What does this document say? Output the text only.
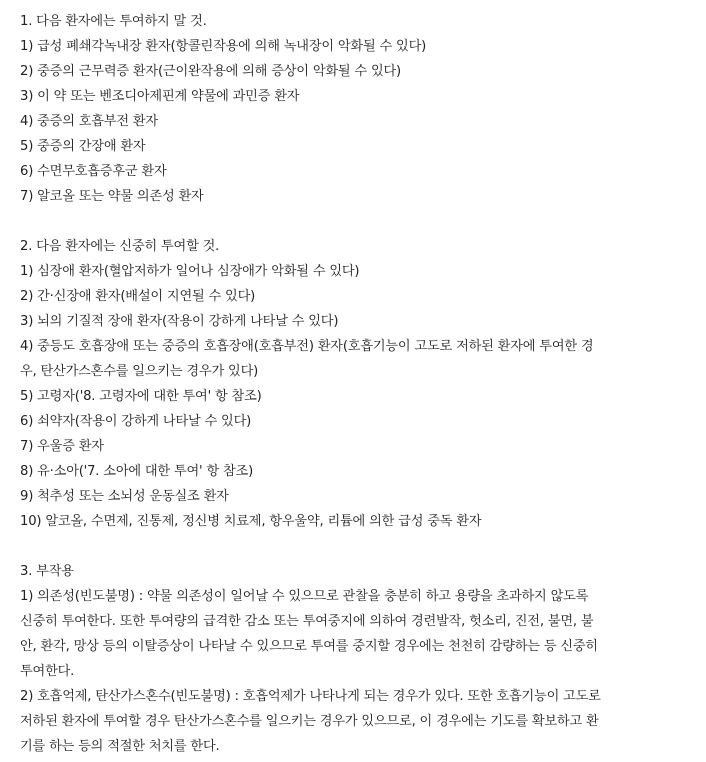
1. 다음 환자에는 투여하지 말 것.
1) 급성 폐쇄각녹내장 환자(항콜린작용에 의해 녹내장이 악화될 수 있다)
2) 중증의 근무력증 환자(근이완작용에 의해 증상이 악화될 수 있다)
3) 이 약 또는 벤조디아제핀계 약물에 과민증 환자
4) 중증의 호흡부전 환자
5) 중증의 간장애 환자
6) 수면무호흡증후군 환자
7) 알코올 또는 약물 의존성 환자
2. 다음 환자에는 신중히 투여할 것.
1) 심장애 환자(혈압저하가 일어나 심장애가 악화될 수 있다)
2) 간·신장애 환자(배설이 지연될 수 있다)
3) 뇌의 기질적 장애 환자(작용이 강하게 나타날 수 있다)
4) 중등도 호흡장애 또는 중증의 호흡장애(호흡부전) 환자(호흡기능이 고도로 저하된 환자에 투여한 경
우, 탄산가스혼수를 일으키는 경우가 있다)
5) 고령자('8. 고령자에 대한 투여' 항 참조)
6) 쇠약자(작용이 강하게 나타날 수 있다)
7) 우울증 환자
8) 유·소아('7. 소아에 대한 투여' 항 참조)
9) 척추성 또는 소뇌성 운동실조 환자
10) 알코올, 수면제, 진통제, 정신병 치료제, 항우울약, 리튬에 의한 급성 중독 환자
3. 부작용
1) 의존성(빈도불명) : 약물 의존성이 일어날 수 있으므로 관찰을 충분히 하고 용량을 초과하지 않도록
신중히 투여한다. 또한 투여량의 급격한 감소 또는 투여중지에 의하여 경련발작, 헛소리, 진전, 불면, 불
안, 환각, 망상 등의 이탈증상이 나타날 수 있으므로 투여를 중지할 경우에는 천천히 감량하는 등 신중히
투여한다.
2) 호흡억제, 탄산가스혼수(빈도불명) : 호흡억제가 나타나게 되는 경우가 있다. 또한 호흡기능이 고도로
저하된 환자에 투여할 경우 탄산가스혼수를 일으키는 경우가 있으므로, 이 경우에는 기도를 확보하고 환
기를 하는 등의 적절한 처치를 한다.
